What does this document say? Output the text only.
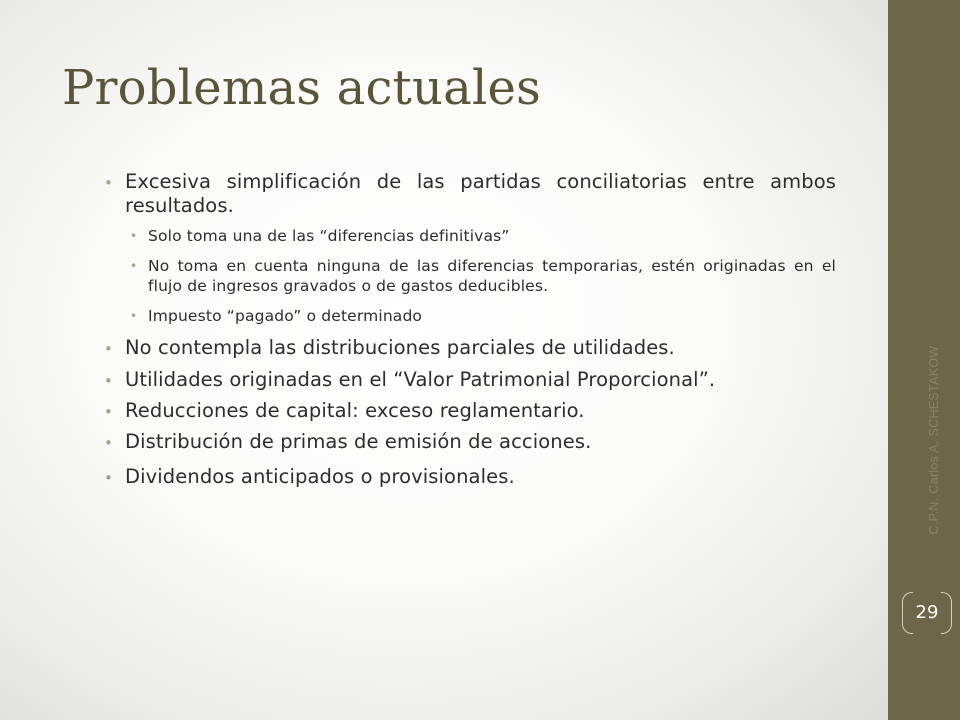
Problemas actuales
• Excesiva simplificación de las partidas conciliatorias entre ambos resultados.
• Solo toma una de las “diferencias definitivas”
• No toma en cuenta ninguna de las diferencias temporarias, estén originadas en el flujo de ingresos gravados o de gastos deducibles.
• Impuesto “pagado” o determinado
• No contempla las distribuciones parciales de utilidades.
• Utilidades originadas en el “Valor Patrimonial Proporcional”.
• Reducciones de capital: exceso reglamentario.
• Distribución de primas de emisión de acciones.
• Dividendos anticipados o provisionales.	C.P.N. Carlos A. SCHESTAKOW
29
